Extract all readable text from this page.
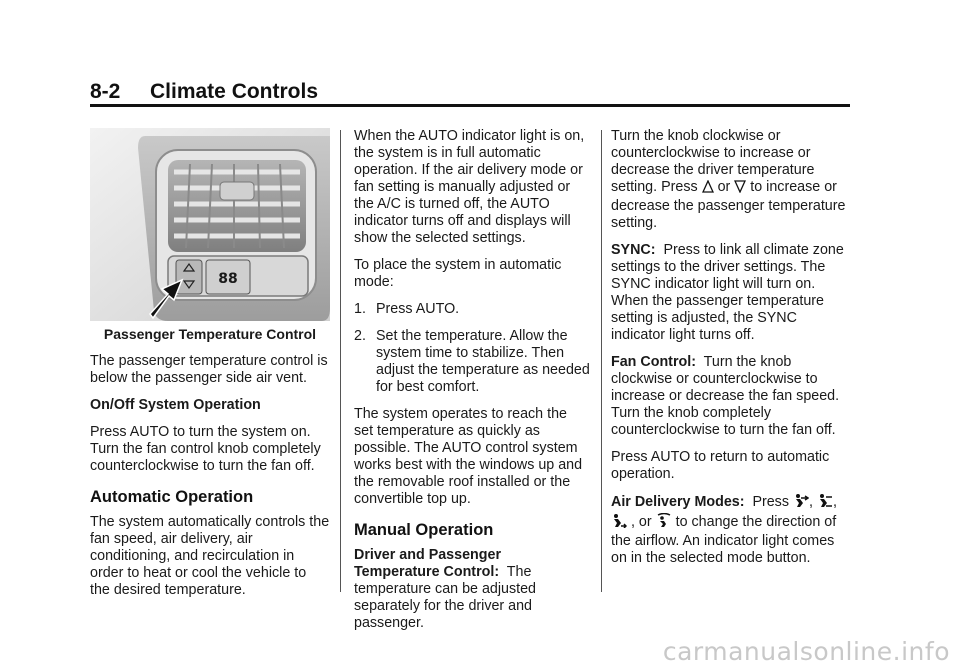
8-2 Climate Controls
88
Passenger Temperature Control

The passenger temperature control is below the passenger side air vent.

On/Off System Operation

Press AUTO to turn the system on. Turn the fan control knob completely counterclockwise to turn the fan off.

Automatic Operation

The system automatically controls the fan speed, air delivery, air conditioning, and recirculation in order to heat or cool the vehicle to the desired temperature.

When the AUTO indicator light is on, the system is in full automatic operation. If the air delivery mode or fan setting is manually adjusted or the A/C is turned off, the AUTO indicator turns off and displays will show the selected settings.

To place the system in automatic mode:

1. Press AUTO.
2. Set the temperature. Allow the system time to stabilize. Then adjust the temperature as needed for best comfort.

The system operates to reach the set temperature as quickly as possible. The AUTO control system works best with the windows up and the removable roof installed or the convertible top up.

Manual Operation

Driver and Passenger Temperature Control: The temperature can be adjusted separately for the driver and passenger.

Turn the knob clockwise or counterclockwise to increase or decrease the driver temperature setting. Press or to increase or decrease the passenger temperature setting.

SYNC: Press to link all climate zone settings to the driver settings. The SYNC indicator light will turn on. When the passenger temperature setting is adjusted, the SYNC indicator light turns off.

Fan Control: Turn the knob clockwise or counterclockwise to increase or decrease the fan speed. Turn the knob completely counterclockwise to turn the fan off.

Press AUTO to return to automatic operation.

Air Delivery Modes: Press , ,
, or to change the direction of the airflow. An indicator light comes on in the selected mode button.

carmanualsonline.info
